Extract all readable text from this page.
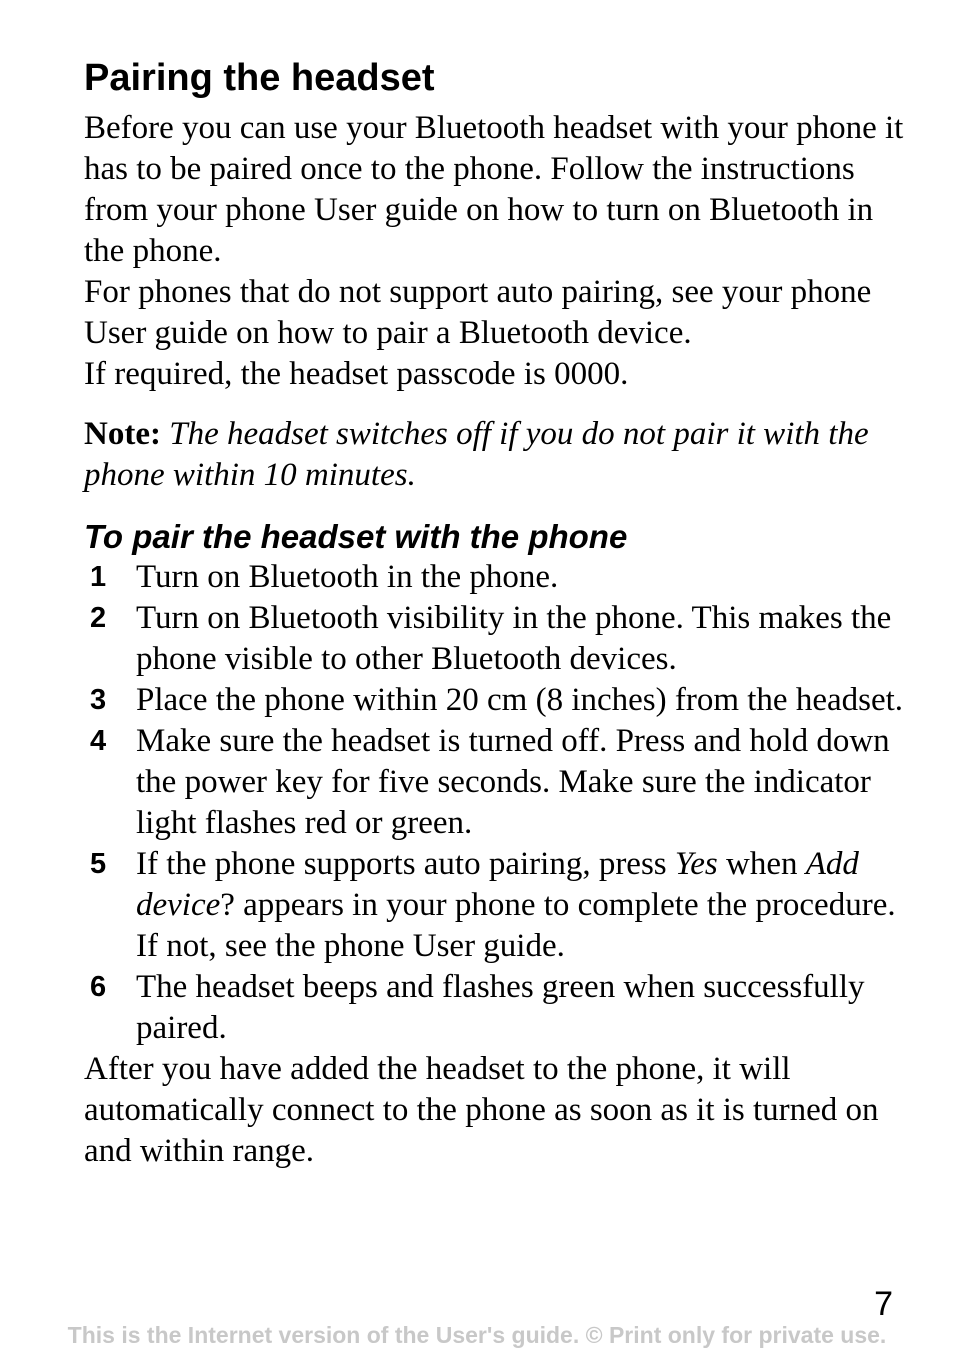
Pairing the headset

Before you can use your Bluetooth headset with your phone it has to be paired once to the phone. Follow the instructions from your phone User guide on how to turn on Bluetooth in the phone.

For phones that do not support auto pairing, see your phone User guide on how to pair a Bluetooth device.

If required, the headset passcode is 0000.

Note: The headset switches off if you do not pair it with the phone within 10 minutes.

To pair the headset with the phone
1 Turn on Bluetooth in the phone.
2 Turn on Bluetooth visibility in the phone. This makes the phone visible to other Bluetooth devices.
3 Place the phone within 20 cm (8 inches) from the headset.
4 Make sure the headset is turned off. Press and hold down the power key for five seconds. Make sure the indicator light flashes red or green.
5 If the phone supports auto pairing, press Yes when Add device? appears in your phone to complete the procedure. If not, see the phone User guide.
6 The headset beeps and flashes green when successfully paired.

After you have added the headset to the phone, it will automatically connect to the phone as soon as it is turned on and within range.

7
This is the Internet version of the User's guide. © Print only for private use.
